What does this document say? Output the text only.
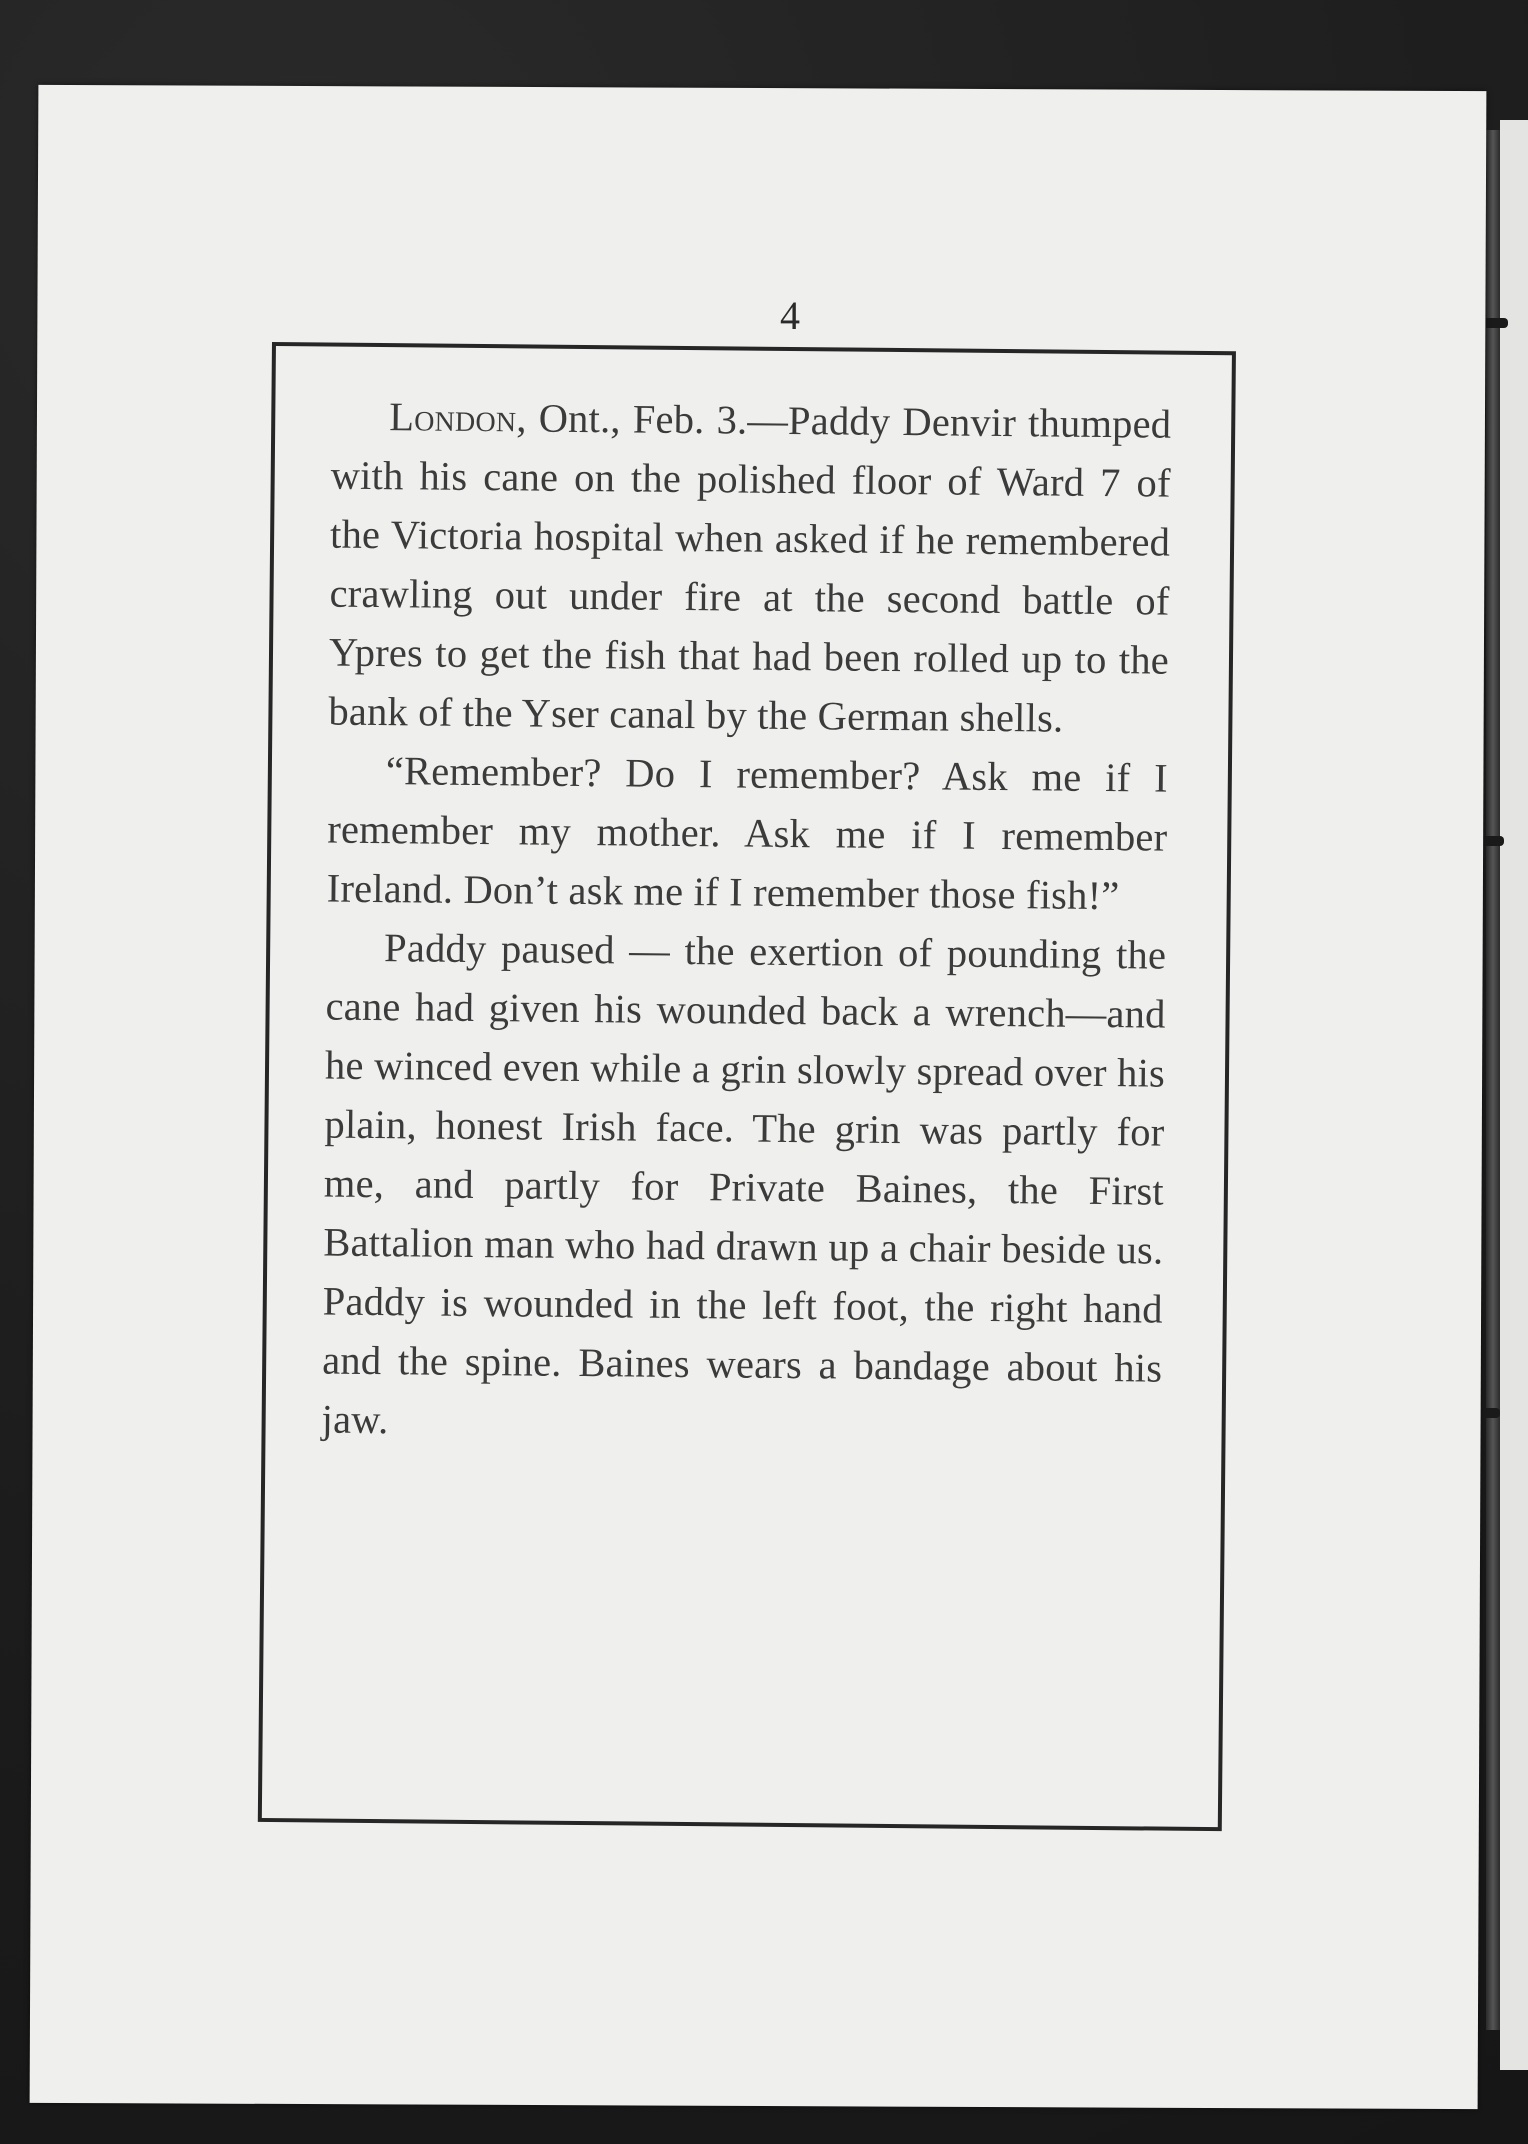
4

London, Ont., Feb. 3.—Paddy Denvir thumped with his cane on the polished floor of Ward 7 of the Victoria hospital when asked if he remembered crawling out under fire at the second battle of Ypres to get the fish that had been rolled up to the bank of the Yser canal by the German shells.

“Remember? Do I remember? Ask me if I remember my mother. Ask me if I remember Ireland. Don’t ask me if I remember those fish!”

Paddy paused — the exertion of pounding the cane had given his wounded back a wrench—and he winced even while a grin slowly spread over his plain, honest Irish face. The grin was partly for me, and partly for Private Baines, the First Battalion man who had drawn up a chair beside us. Paddy is wounded in the left foot, the right hand and the spine. Baines wears a bandage about his jaw.
